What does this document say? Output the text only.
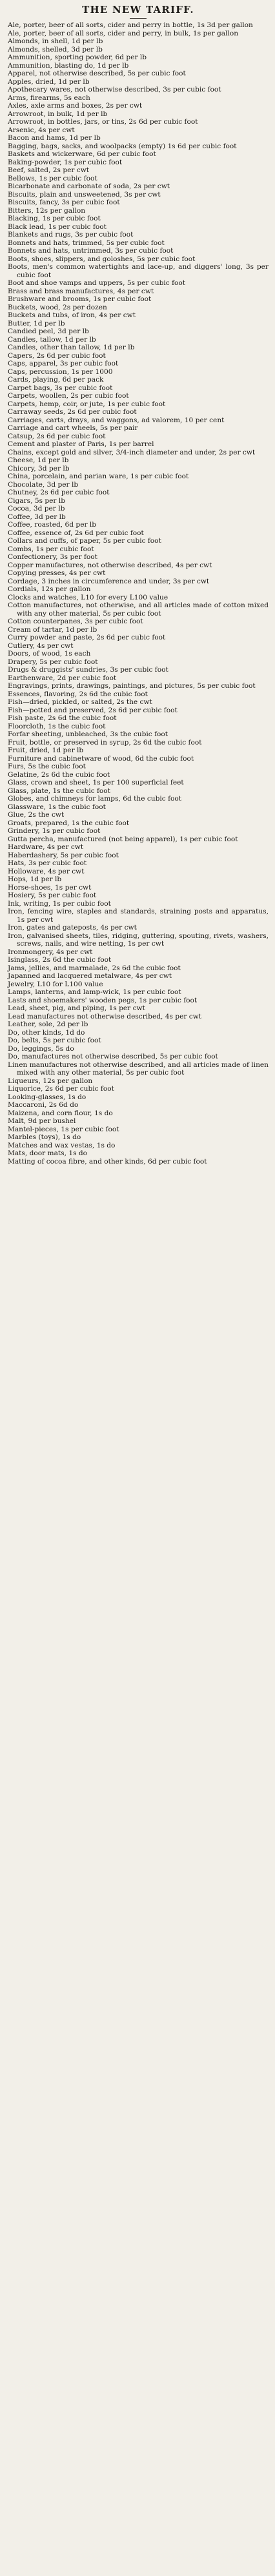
THE NEW TARIFF.

Ale, porter, beer of all sorts, cider and perry in bottle, 1s 3d per gallon

Ale, porter, beer of all sorts, cider and perry, in bulk, 1s per gallon

Almonds, in shell, 1d per lb

Almonds, shelled, 3d per lb

Ammunition, sporting powder, 6d per lb

Ammunition, blasting do, 1d per lb

Apparel, not otherwise described, 5s per cubic foot

Apples, dried, 1d per lb

Apothecary wares, not otherwise described, 3s per cubic foot

Arms, firearms, 5s each

Axles, axle arms and boxes, 2s per cwt

Arrowroot, in bulk, 1d per lb

Arrowroot, in bottles, jars, or tins, 2s 6d per cubic foot

Arsenic, 4s per cwt

Bacon and hams, 1d per lb

Bagging, bags, sacks, and woolpacks (empty) 1s 6d per cubic foot

Baskets and wickerware, 6d per cubic foot

Baking-powder, 1s per cubic foot

Beef, salted, 2s per cwt

Bellows, 1s per cubic foot

Bicarbonate and carbonate of soda, 2s per cwt

Biscuits, plain and unsweetened, 3s per cwt

Biscuits, fancy, 3s per cubic foot

Bitters, 12s per gallon

Blacking, 1s per cubic foot

Black lead, 1s per cubic foot

Blankets and rugs, 3s per cubic foot

Bonnets and hats, trimmed, 5s per cubic foot

Bonnets and hats, untrimmed, 3s per cubic foot

Boots, shoes, slippers, and goloshes, 5s per cubic foot

Boots, men's common watertights and lace-up, and diggers' long, 3s per cubic foot

Boot and shoe vamps and uppers, 5s per cubic foot

Brass and brass manufactures, 4s per cwt

Brushware and brooms, 1s per cubic foot

Buckets, wood, 2s per dozen

Buckets and tubs, of iron, 4s per cwt

Butter, 1d per lb

Candied peel, 3d per lb

Candles, tallow, 1d per lb

Candles, other than tallow, 1d per lb

Capers, 2s 6d per cubic foot

Caps, apparel, 3s per cubic foot

Caps, percussion, 1s per 1000

Cards, playing, 6d per pack

Carpet bags, 3s per cubic foot

Carpets, woollen, 2s per cubic foot

Carpets, hemp, coir, or jute, 1s per cubic foot

Carraway seeds, 2s 6d per cubic foot

Carriages, carts, drays, and waggons, ad valorem, 10 per cent

Carriage and cart wheels, 5s per pair

Catsup, 2s 6d per cubic foot

Cement and plaster of Paris, 1s per barrel

Chains, except gold and silver, 3/4-inch diameter and under, 2s per cwt

Cheese, 1d per lb

Chicory, 3d per lb

China, porcelain, and parian ware, 1s per cubic foot

Chocolate, 3d per lb

Chutney, 2s 6d per cubic foot

Cigars, 5s per lb

Cocoa, 3d per lb

Coffee, 3d per lb

Coffee, roasted, 6d per lb

Coffee, essence of, 2s 6d per cubic foot

Collars and cuffs, of paper, 5s per cubic foot

Combs, 1s per cubic foot

Confectionery, 3s per foot

Copper manufactures, not otherwise described, 4s per cwt

Copying presses, 4s per cwt

Cordage, 3 inches in circumference and under, 3s per cwt

Cordials, 12s per gallon

Clocks and watches, L10 for every L100 value

Cotton manufactures, not otherwise, and all articles made of cotton mixed with any other material, 5s per cubic foot

Cotton counterpanes, 3s per cubic foot

Cream of tartar, 1d per lb

Curry powder and paste, 2s 6d per cubic foot

Cutlery, 4s per cwt

Doors, of wood, 1s each

Drapery, 5s per cubic foot

Drugs & druggists' sundries, 3s per cubic foot

Earthenware, 2d per cubic foot

Engravings, prints, drawings, paintings, and pictures, 5s per cubic foot

Essences, flavoring, 2s 6d the cubic foot

Fish—dried, pickled, or salted, 2s the cwt

Fish—potted and preserved, 2s 6d per cubic foot

Fish paste, 2s 6d the cubic foot

Floorcloth, 1s the cubic foot

Forfar sheeting, unbleached, 3s the cubic foot

Fruit, bottle, or preserved in syrup, 2s 6d the cubic foot

Fruit, dried, 1d per lb

Furniture and cabinetware of wood, 6d the cubic foot

Furs, 5s the cubic foot

Gelatine, 2s 6d the cubic foot

Glass, crown and sheet, 1s per 100 superficial feet

Glass, plate, 1s the cubic foot

Globes, and chimneys for lamps, 6d the cubic foot

Glassware, 1s the cubic foot

Glue, 2s the cwt

Groats, prepared, 1s the cubic foot

Grindery, 1s per cubic foot

Gutta percha, manufactured (not being apparel), 1s per cubic foot

Hardware, 4s per cwt

Haberdashery, 5s per cubic foot

Hats, 3s per cubic foot

Holloware, 4s per cwt

Hops, 1d per lb

Horse-shoes, 1s per cwt

Hosiery, 5s per cubic foot

Ink, writing, 1s per cubic foot

Iron, fencing wire, staples and standards, straining posts and apparatus, 1s per cwt

Iron, gates and gateposts, 4s per cwt

Iron, galvanised sheets, tiles, ridging, guttering, spouting, rivets, washers, screws, nails, and wire netting, 1s per cwt

Ironmongery, 4s per cwt

Isinglass, 2s 6d the cubic foot

Jams, jellies, and marmalade, 2s 6d the cubic foot

Japanned and lacquered metalware, 4s per cwt

Jewelry, L10 for L100 value

Lamps, lanterns, and lamp-wick, 1s per cubic foot

Lasts and shoemakers' wooden pegs, 1s per cubic foot

Lead, sheet, pig, and piping, 1s per cwt

Lead manufactures not otherwise described, 4s per cwt

Leather, sole, 2d per lb

Do, other kinds, 1d do

Do, belts, 5s per cubic foot

Do, leggings, 5s do

Do, manufactures not otherwise described, 5s per cubic foot

Linen manufactures not otherwise described, and all articles made of linen mixed with any other material, 5s per cubic foot

Liqueurs, 12s per gallon

Liquorice, 2s 6d per cubic foot

Looking-glasses, 1s do

Maccaroni, 2s 6d do

Maizena, and corn flour, 1s do

Malt, 9d per bushel

Mantel-pieces, 1s per cubic foot

Marbles (toys), 1s do

Matches and wax vestas, 1s do

Mats, door mats, 1s do

Matting of cocoa fibre, and other kinds, 6d per cubic foot
